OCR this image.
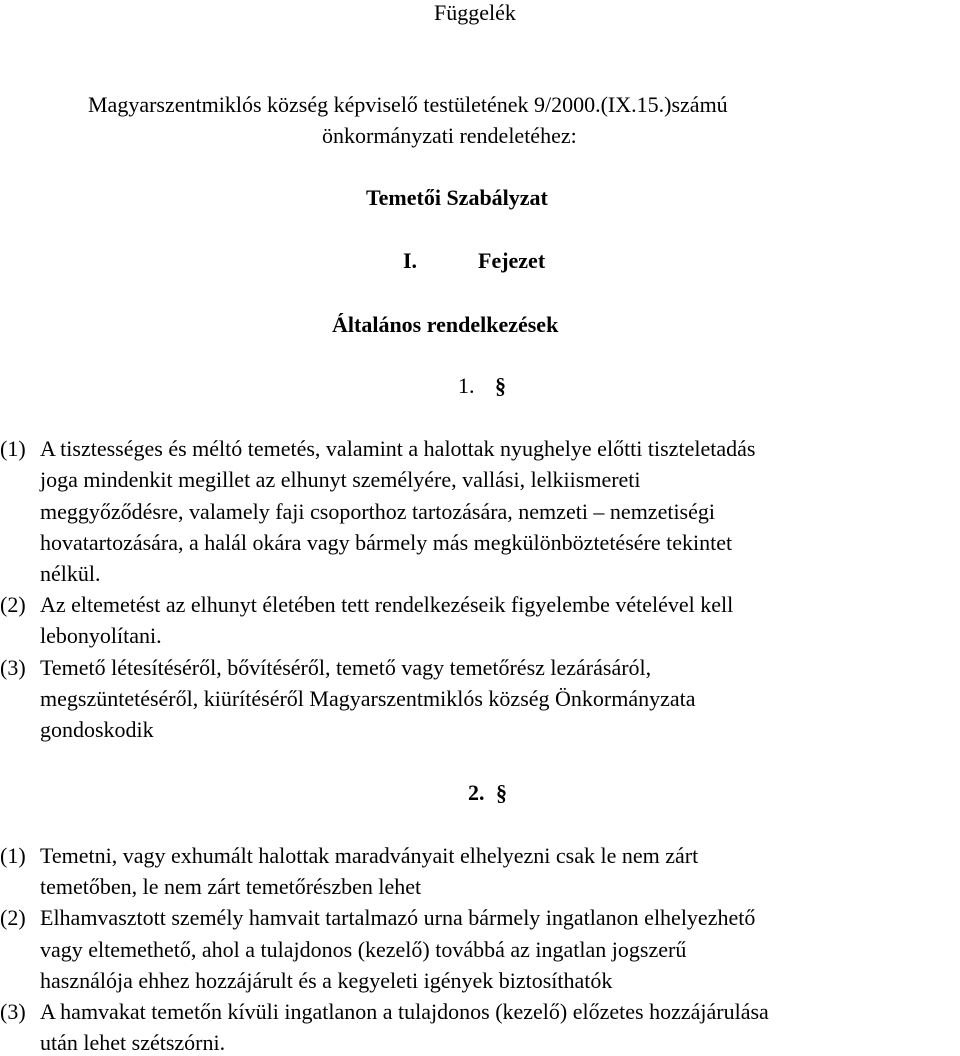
Függelék
Magyarszentmiklós község képviselő testületének 9/2000.(IX.15.)számú
önkormányzati rendeletéhez:
Temetői Szabályzat
I.	Fejezet
Általános rendelkezések
1. §
(1) A tisztességes és méltó temetés, valamint a halottak nyughelye előtti tiszteletadás
joga mindenkit megillet az elhunyt személyére, vallási, lelkiismereti
meggyőződésre, valamely faji csoporthoz tartozására, nemzeti – nemzetiségi
hovatartozására, a halál okára vagy bármely más megkülönböztetésére tekintet
nélkül.
(2) Az eltemetést az elhunyt életében tett rendelkezéseik figyelembe vételével kell
lebonyolítani.
(3) Temető létesítéséről, bővítéséről, temető vagy temetőrész lezárásáról,
megszüntetéséről, kiürítéséről Magyarszentmiklós község Önkormányzata
gondoskodik
2. §
(1) Temetni, vagy exhumált halottak maradványait elhelyezni csak le nem zárt
temetőben, le nem zárt temetőrészben lehet
(2) Elhamvasztott személy hamvait tartalmazó urna bármely ingatlanon elhelyezhető
vagy eltemethető, ahol a tulajdonos (kezelő) továbbá az ingatlan jogszerű
használója ehhez hozzájárult és a kegyeleti igények biztosíthatók
(3) A hamvakat temetőn kívüli ingatlanon a tulajdonos (kezelő) előzetes hozzájárulása
után lehet szétszórni.
